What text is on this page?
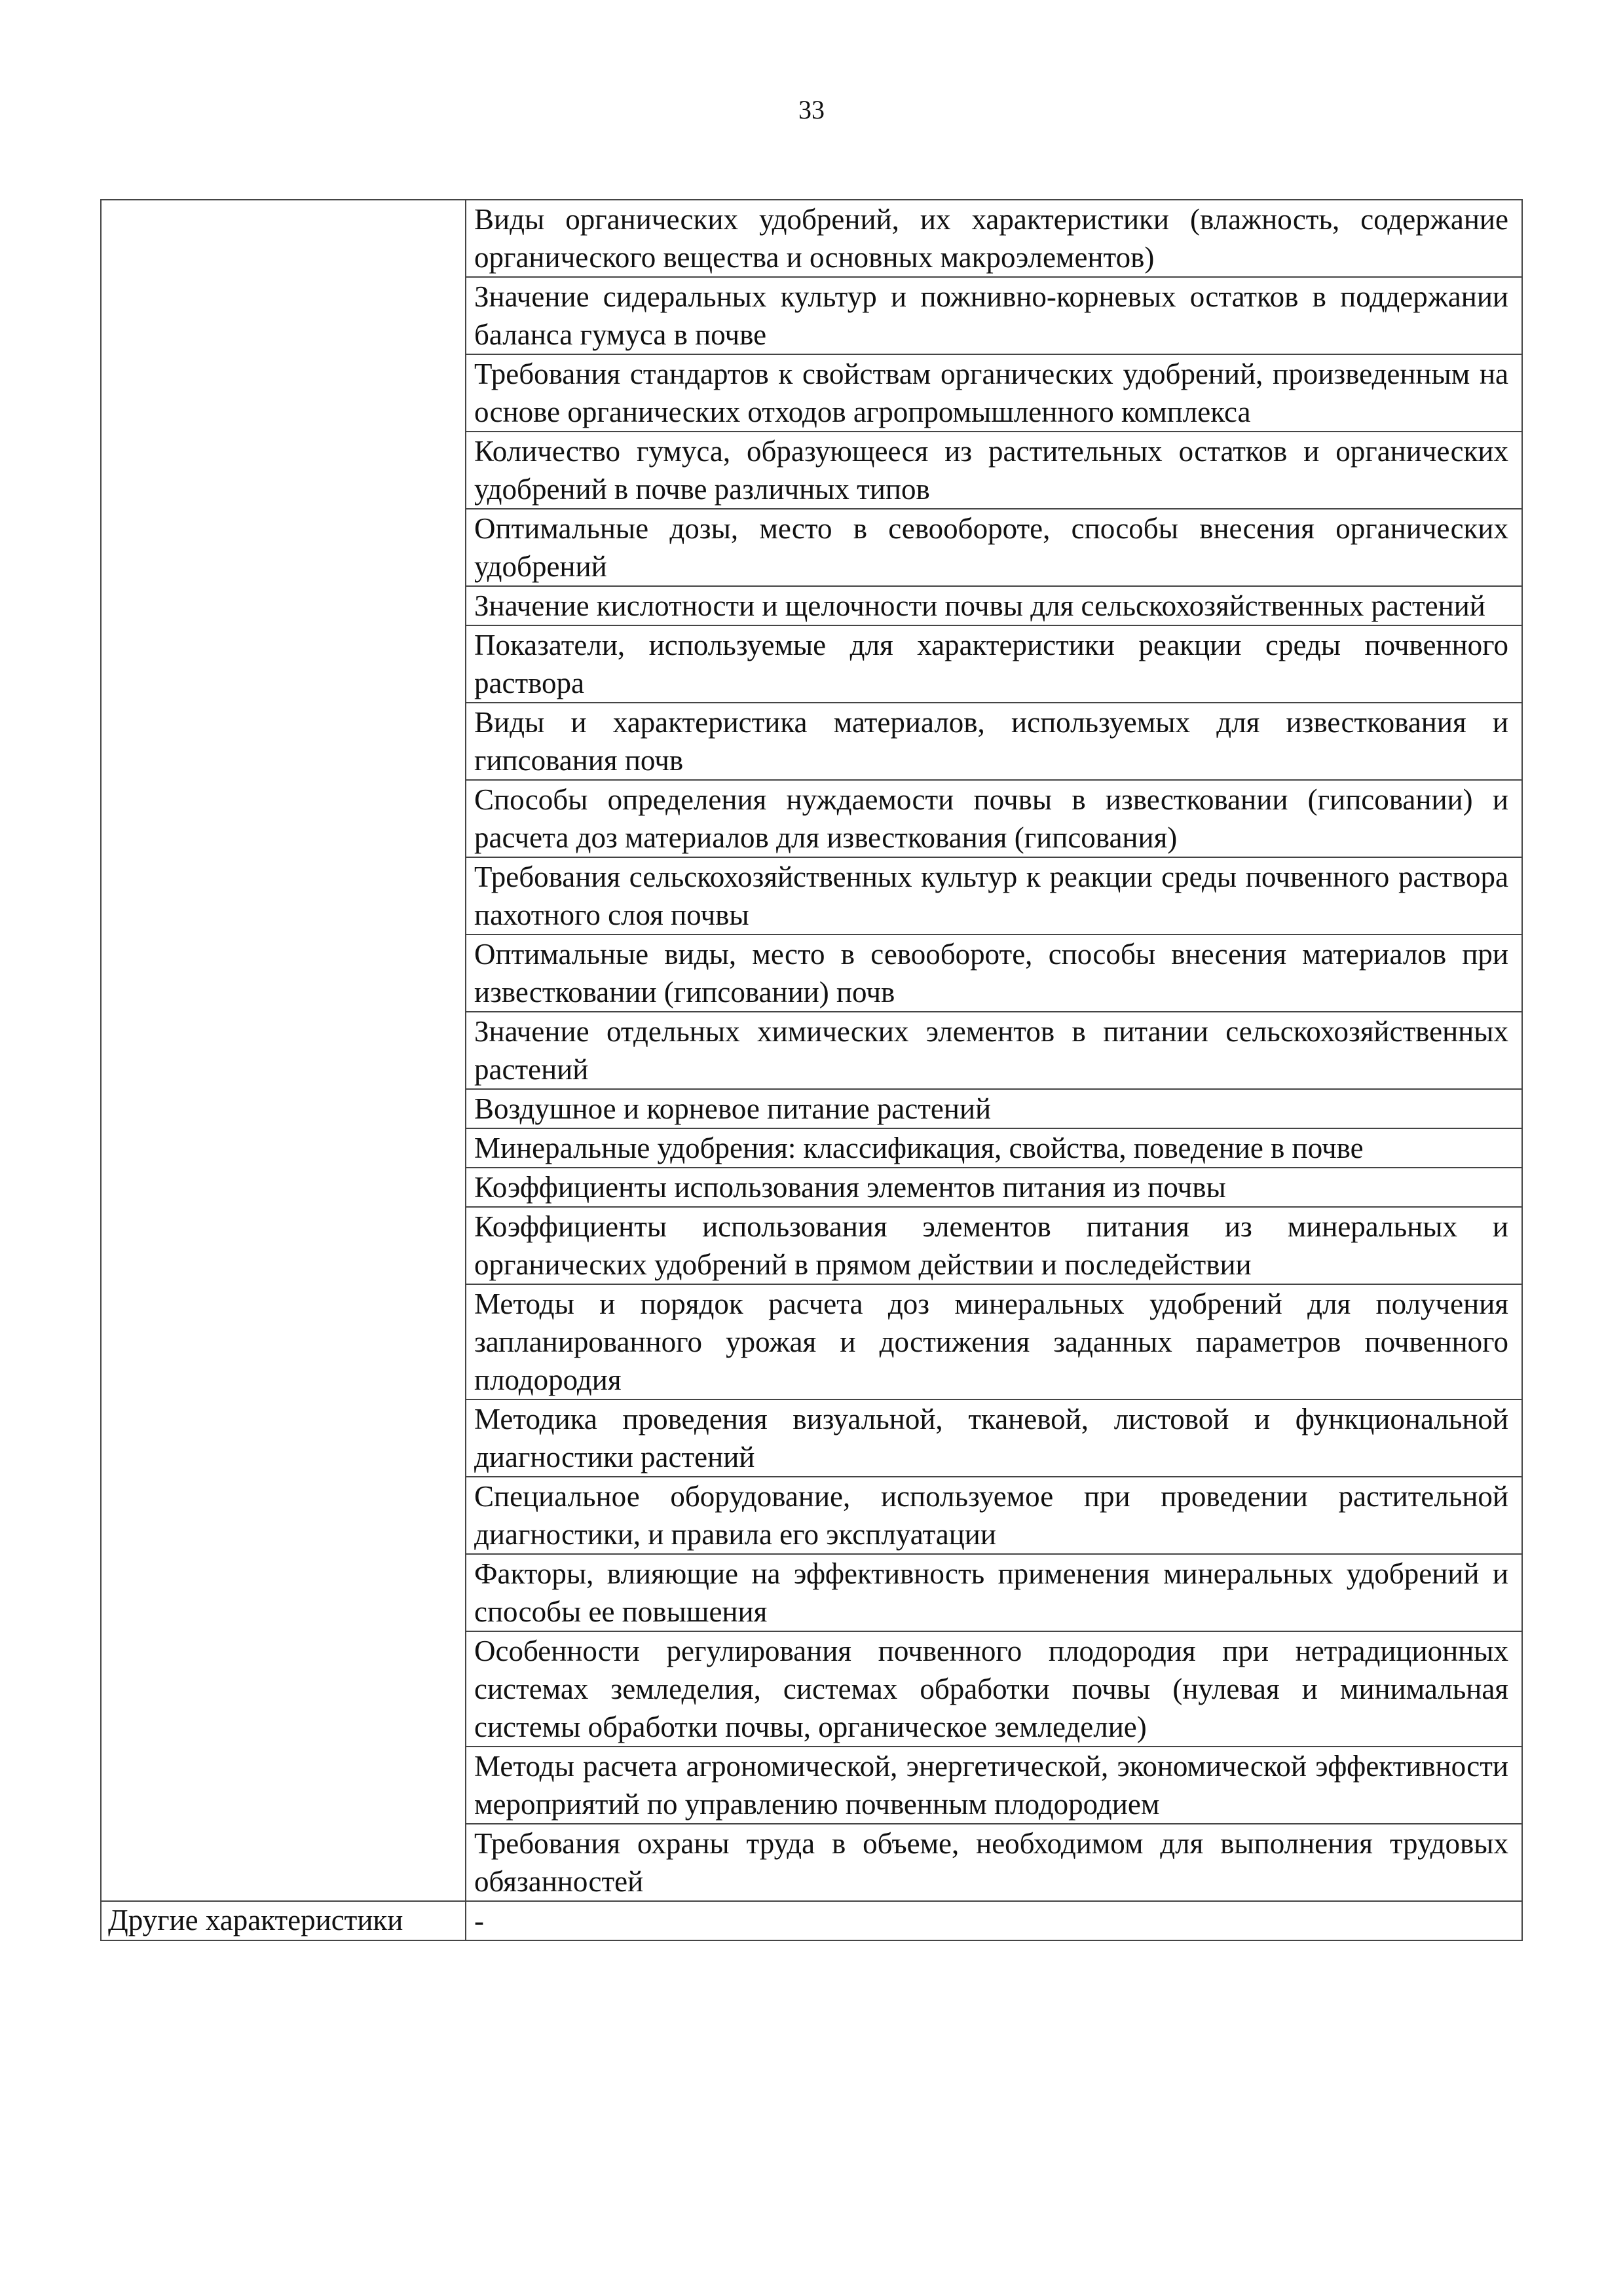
33

	Виды органических удобрений, их характеристики (влажность, содержание органического вещества и основных макроэлементов)

	Значение сидеральных культур и пожнивно-корневых остатков в поддержании баланса гумуса в почве

	Требования стандартов к свойствам органических удобрений, произведенным на основе органических отходов агропромышленного комплекса

	Количество гумуса, образующееся из растительных остатков и органических удобрений в почве различных типов

	Оптимальные дозы, место в севообороте, способы внесения органических удобрений

	Значение кислотности и щелочности почвы для сельскохозяйственных растений

	Показатели, используемые для характеристики реакции среды почвенного раствора

	Виды и характеристика материалов, используемых для известкования и гипсования почв

	Способы определения нуждаемости почвы в известковании (гипсовании) и расчета доз материалов для известкования (гипсования)

	Требования сельскохозяйственных культур к реакции среды почвенного раствора пахотного слоя почвы

	Оптимальные виды, место в севообороте, способы внесения материалов при известковании (гипсовании) почв

	Значение отдельных химических элементов в питании сельскохозяйственных растений

	Воздушное и корневое питание растений

	Минеральные удобрения: классификация, свойства, поведение в почве

	Коэффициенты использования элементов питания из почвы

	Коэффициенты использования элементов питания из минеральных и органических удобрений в прямом действии и последействии

	Методы и порядок расчета доз минеральных удобрений для получения запланированного урожая и достижения заданных параметров почвенного плодородия

	Методика проведения визуальной, тканевой, листовой и функциональной диагностики растений

	Специальное оборудование, используемое при проведении растительной диагностики, и правила его эксплуатации

	Факторы, влияющие на эффективность применения минеральных удобрений и способы ее повышения

	Особенности регулирования почвенного плодородия при нетрадиционных системах земледелия, системах обработки почвы (нулевая и минимальная системы обработки почвы, органическое земледелие)

	Методы расчета агрономической, энергетической, экономической эффективности мероприятий по управлению почвенным плодородием

	Требования охраны труда в объеме, необходимом для выполнения трудовых обязанностей

Другие характеристики	-
